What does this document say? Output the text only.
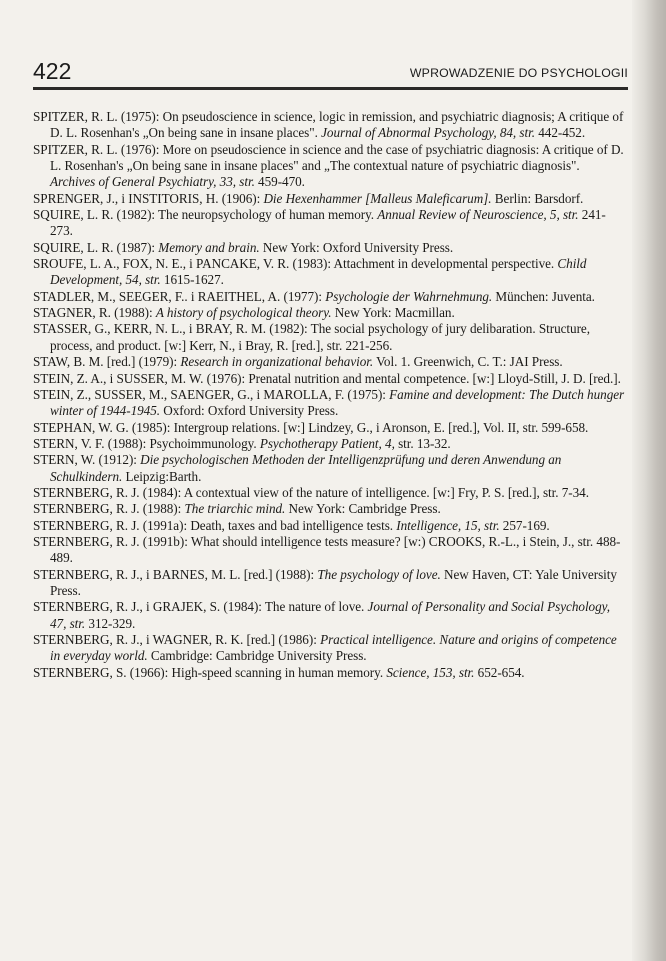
422	WPROWADZENIE DO PSYCHOLOGII
SPITZER, R. L. (1975): On pseudoscience in science, logic in remission, and psychiatric diagnosis; A critique of D. L. Rosenhan's „On being sane in insane places". Journal of Abnormal Psychology, 84, str. 442-452.
SPITZER, R. L. (1976): More on pseudoscience in science and the case of psychiatric diagnosis: A critique of D. L. Rosenhan's „On being sane in insane places" and „The contextual nature of psychiatric diagnosis". Archives of General Psychiatry, 33, str. 459-470.
SPRENGER, J., i INSTITORIS, H. (1906): Die Hexenhammer [Malleus Maleficarum]. Berlin: Barsdorf.
SQUIRE, L. R. (1982): The neuropsychology of human memory. Annual Review of Neuroscience, 5, str. 241-273.
SQUIRE, L. R. (1987): Memory and brain. New York: Oxford University Press.
SROUFE, L. A., FOX, N. E., i PANCAKE, V. R. (1983): Attachment in developmental perspective. Child Development, 54, str. 1615-1627.
STADLER, M., SEEGER, F.. i RAEITHEL, A. (1977): Psychologie der Wahrnehmung. München: Juventa.
STAGNER, R. (1988): A history of psychological theory. New York: Macmillan.
STASSER, G., KERR, N. L., i BRAY, R. M. (1982): The social psychology of jury delibaration. Structure, process, and product. [w:] Kerr, N., i Bray, R. [red.], str. 221-256.
STAW, B. M. [red.] (1979): Research in organizational behavior. Vol. 1. Greenwich, C. T.: JAI Press.
STEIN, Z. A., i SUSSER, M. W. (1976): Prenatal nutrition and mental competence. [w:] Lloyd-Still, J. D. [red.].
STEIN, Z., SUSSER, M., SAENGER, G., i MAROLLA, F. (1975): Famine and development: The Dutch hunger winter of 1944-1945. Oxford: Oxford University Press.
STEPHAN, W. G. (1985): Intergroup relations. [w:] Lindzey, G., i Aronson, E. [red.], Vol. II, str. 599-658.
STERN, V. F. (1988): Psychoimmunology. Psychotherapy Patient, 4, str. 13-32.
STERN, W. (1912): Die psychologischen Methoden der Intelligenzprüfung und deren Anwendung an Schulkindern. Leipzig:Barth.
STERNBERG, R. J. (1984): A contextual view of the nature of intelligence. [w:] Fry, P. S. [red.], str. 7-34.
STERNBERG, R. J. (1988): The triarchic mind. New York: Cambridge Press.
STERNBERG, R. J. (1991a): Death, taxes and bad intelligence tests. Intelligence, 15, str. 257-169.
STERNBERG, R. J. (1991b): What should intelligence tests measure? [w:) CROOKS, R.-L., i Stein, J., str. 488-489.
STERNBERG, R. J., i BARNES, M. L. [red.] (1988): The psychology of love. New Haven, CT: Yale University Press.
STERNBERG, R. J., i GRAJEK, S. (1984): The nature of love. Journal of Personality and Social Psychology, 47, str. 312-329.
STERNBERG, R. J., i WAGNER, R. K. [red.] (1986): Practical intelligence. Nature and origins of competence in everyday world. Cambridge: Cambridge University Press.
STERNBERG, S. (1966): High-speed scanning in human memory. Science, 153, str. 652-654.
